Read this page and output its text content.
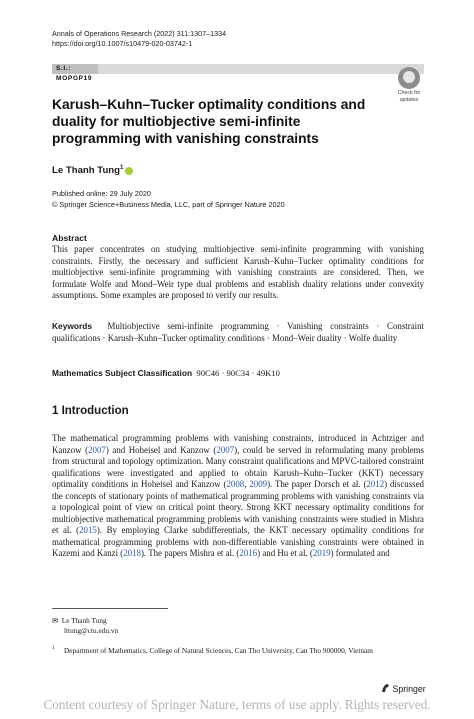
Annals of Operations Research (2022) 311:1307–1334
https://doi.org/10.1007/s10479-020-03742-1
S.I.: MOPGP19
Check for
updates
Karush–Kuhn–Tucker optimality conditions and duality for multiobjective semi-infinite programming with vanishing constraints
Le Thanh Tung$^1$
Published online: 29 July 2020
© Springer Science+Business Media, LLC, part of Springer Nature 2020
Abstract
This paper concentrates on studying multiobjective semi-infinite programming with vanishing constraints. Firstly, the necessary and sufficient Karush–Kuhn–Tucker optimality conditions for multiobjective semi-infinite programming with vanishing constraints are considered. Then, we formulate Wolfe and Mond–Weir type dual problems and establish duality relations under convexity assumptions. Some examples are proposed to verify our results.
Keywords Multiobjective semi-infinite programming · Vanishing constraints · Constraint qualifications · Karush–Kuhn–Tucker optimality conditions · Mond–Weir duality · Wolfe duality
Mathematics Subject Classification 90C46 · 90C34 · 49K10
1 Introduction
The mathematical programming problems with vanishing constraints, introduced in Achtziger and Kanzow (2007) and Hoheisel and Kanzow (2007), could be served in reformulating many problems from structural and topology optimization. Many constraint qualifications and MPVC-tailored constraint qualifications were investigated and applied to obtain Karush–Kuhn–Tucker (KKT) necessary optimality conditions in Hoheisel and Kanzow (2008, 2009). The paper Dorsch et al. (2012) discussed the concepts of stationary points of mathematical programming problems with vanishing constraints via a topological point of view on critical point theory. Strong KKT necessary optimality conditions for multiobjective mathematical programming problems with vanishing constraints were studied in Mishra et al. (2015). By employing Clarke subdifferentials, the KKT necessary optimality conditions for mathematical programming problems with non-differentiable vanishing constraints were obtained in Kazemi and Kanzi (2018). The papers Mishra et al. (2016) and Hu et al. (2019) formulated and
✉ Le Thanh Tung
lttung@ctu.edu.vn
1	Department of Mathematics, College of Natural Sciences, Can Tho University, Can Tho 900000, Vietnam
Springer
Content courtesy of Springer Nature, terms of use apply. Rights reserved.
